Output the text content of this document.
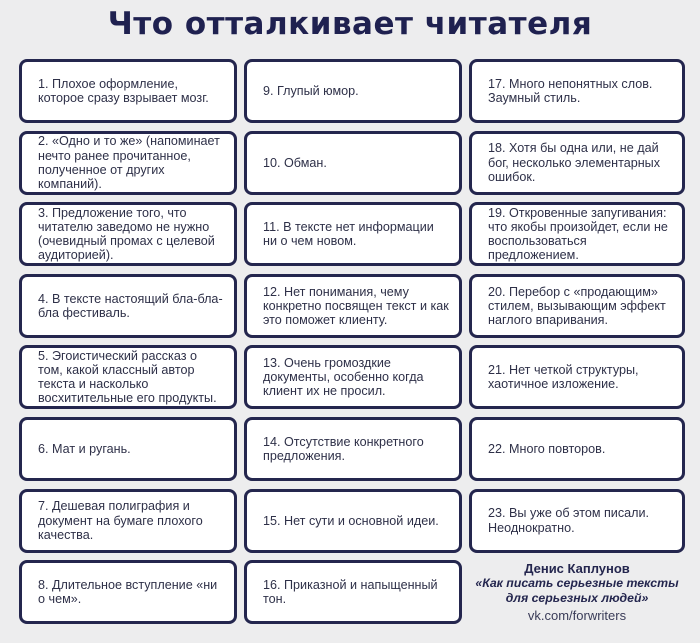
Что отталкивает читателя
1. Плохое оформление, которое сразу взрывает мозг.
9. Глупый юмор.
17. Много непонятных слов. Заумный стиль.
2. «Одно и то же» (напоминает нечто ранее прочитанное, полученное от других компаний).
10. Обман.
18. Хотя бы одна или, не дай бог, несколько элементарных ошибок.
3. Предложение того, что читателю заведомо не нужно (очевидный промах с целевой аудиторией).
11. В тексте нет информации ни о чем новом.
19. Откровенные запугивания: что якобы произойдет, если не воспользоваться предложением.
4. В тексте настоящий бла-бла-бла фестиваль.
12. Нет понимания, чему конкретно посвящен текст и как это поможет клиенту.
20. Перебор с «продающим» стилем, вызывающим эффект наглого впаривания.
5. Эгоистический рассказ о том, какой классный автор текста и насколько восхитительные его продукты.
13. Очень громоздкие документы, особенно когда клиент их не просил.
21. Нет четкой структуры, хаотичное изложение.
6. Мат и ругань.
14. Отсутствие конкретного предложения.
22. Много повторов.
7. Дешевая полиграфия и документ на бумаге плохого качества.
15. Нет сути и основной идеи.
23. Вы уже об этом писали. Неоднократно.
8. Длительное вступление «ни о чем».
16. Приказной и напыщенный тон.
Денис Каплунов
«Как писать серьезные тексты для серьезных людей»
vk.com/forwriters
